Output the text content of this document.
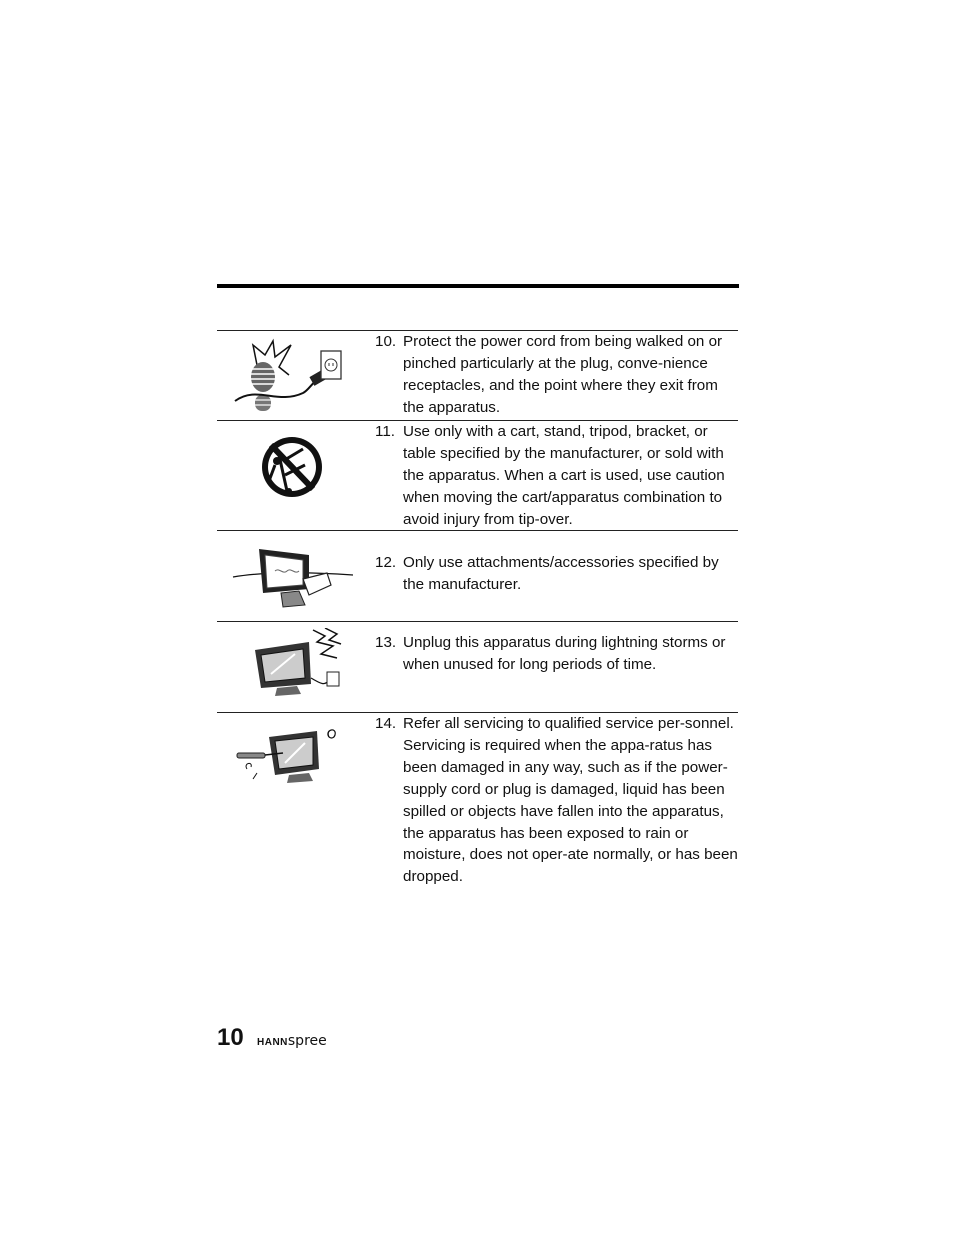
10. Protect the power cord from being walked on or pinched particularly at the plug, conve-nience receptacles, and the point where they exit from the apparatus.
11. Use only with a cart, stand, tripod, bracket, or table specified by the manufacturer, or sold with the apparatus. When a cart is used, use caution when moving the cart/apparatus combination to avoid injury from tip-over.
12. Only use attachments/accessories specified by the manufacturer.
13. Unplug this apparatus during lightning storms or when unused for long periods of time.
14. Refer all servicing to qualified service per-sonnel. Servicing is required when the appa-ratus has been damaged in any way, such as if the power-supply cord or plug is damaged, liquid has been spilled or objects have fallen into the apparatus, the apparatus has been exposed to rain or moisture, does not oper-ate normally, or has been dropped.
10 HANNspree
